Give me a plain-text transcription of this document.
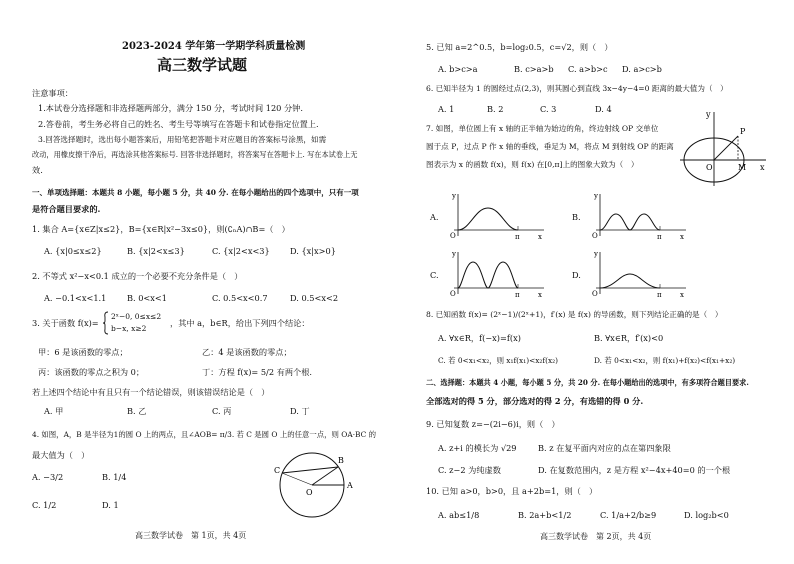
2023-2024 学年第一学期学科质量检测
高三数学试题
注意事项：
1.本试卷分选择题和非选择题两部分，满分 150 分，考试时间 120 分钟.
2.答卷前，考生务必将自己的姓名、考生号等填写在答题卡和试卷指定位置上.
3.回答选择题时，选出每小题答案后，用铅笔把答题卡对应题目的答案标号涂黑，如需
改动，用橡皮擦干净后，再选涂其他答案标号. 回答非选择题时，将答案写在答题卡上. 写在本试卷上无
效.
一、单项选择题：本题共 8 小题，每小题 5 分，共 40 分. 在每小题给出的四个选项中，只有一项
是符合题目要求的.
1. 集合 A={x∈Z|x≤2}，B={x∈R|x²−3x≤0}，则(∁ₙA)∩B=（　）
A. {x|0≤x≤2}	B. {x|2<x≤3}	C. {x|2<x<3} D. {x|x>0}
2. 不等式 x²−x<0.1 成立的一个必要不充分条件是（　）
A. −0.1<x<1.1	B. 0<x<1	C. 0.5<x<0.7	D. 0.5<x<2
3. 关于函数 f(x)=
2ˣ−0, 0≤x≤2
b−x, x≥2
，其中 a，b∈R，给出下列四个结论：
甲：6 是该函数的零点；	乙：4 是该函数的零点；
丙：该函数的零点之积为 0；	丁：方程 f(x)= 5/2 有两个根.
若上述四个结论中有且只有一个结论错误，则该错误结论是（　）
A. 甲	B. 乙	C. 丙	D. 丁
4. 如图，A，B 是半径为1的圆 O 上的两点，且∠AOB= π/3. 若 C 是圆 O 上的任意一点，则 OA·BC 的
最大值为（　）
A. −3/2	B. 1/4
C. 1/2	D. 1
C
B
A
O
高三数学试卷　第 1页，共 4页
5. 已知 a=2^0.5，b=log₂0.5，c=√2，则（　）
A. b>c>a	B. c>a>b C. a>b>c D. a>c>b
6. 已知半径为 1 的圆经过点(2,3)，则其圆心到直线 3x−4y−4=0 距离的最大值为（　）
A. 1	B. 2	C. 3	D. 4
7. 如图，单位圆上有 x 轴的正半轴为始边的角，终边射线 OP 交单位
圆于点 P，过点 P 作 x 轴的垂线，垂足为 M，将点 M 到射线 OP 的距离
图表示为 x 的函数 f(x)，则 f(x) 在[0,π]上的图象大致为（　）
y
P
O	M x
A.
y
O	π	x
B.
y
O	π	x
C.
y
O	π	x
D.
y
O	π	x
8. 已知函数 f(x)= (2ˣ−1)/(2ˣ+1)，f′(x) 是 f(x) 的导函数，则下列结论正确的是（　）
A. ∀x∈R，f(−x)=f(x)	B. ∀x∈R，f′(x)<0
C. 若 0<x₁<x₂，则 x₁f(x₁)<x₂f(x₂)	D. 若 0<x₁<x₂，则 f(x₁)+f(x₂)<f(x₁+x₂)
二、选择题：本题共 4 小题，每小题 5 分，共 20 分. 在每小题给出的选项中，有多项符合题目要求.
全部选对的得 5 分，部分选对的得 2 分，有选错的得 0 分.
9. 已知复数 z=−(2i−6)i，则（　）
A. z+i 的模长为 √29	B. z 在复平面内对应的点在第四象限
C. z−2 为纯虚数	D. 在复数范围内，z 是方程 x²−4x+40=0 的一个根
10. 已知 a>0，b>0，且 a+2b=1，则（　）
A. ab≤1/8	B. 2a+b<1/2	C. 1/a+2/b≥9	D. log₂b<0
高三数学试卷　第 2页，共 4页
